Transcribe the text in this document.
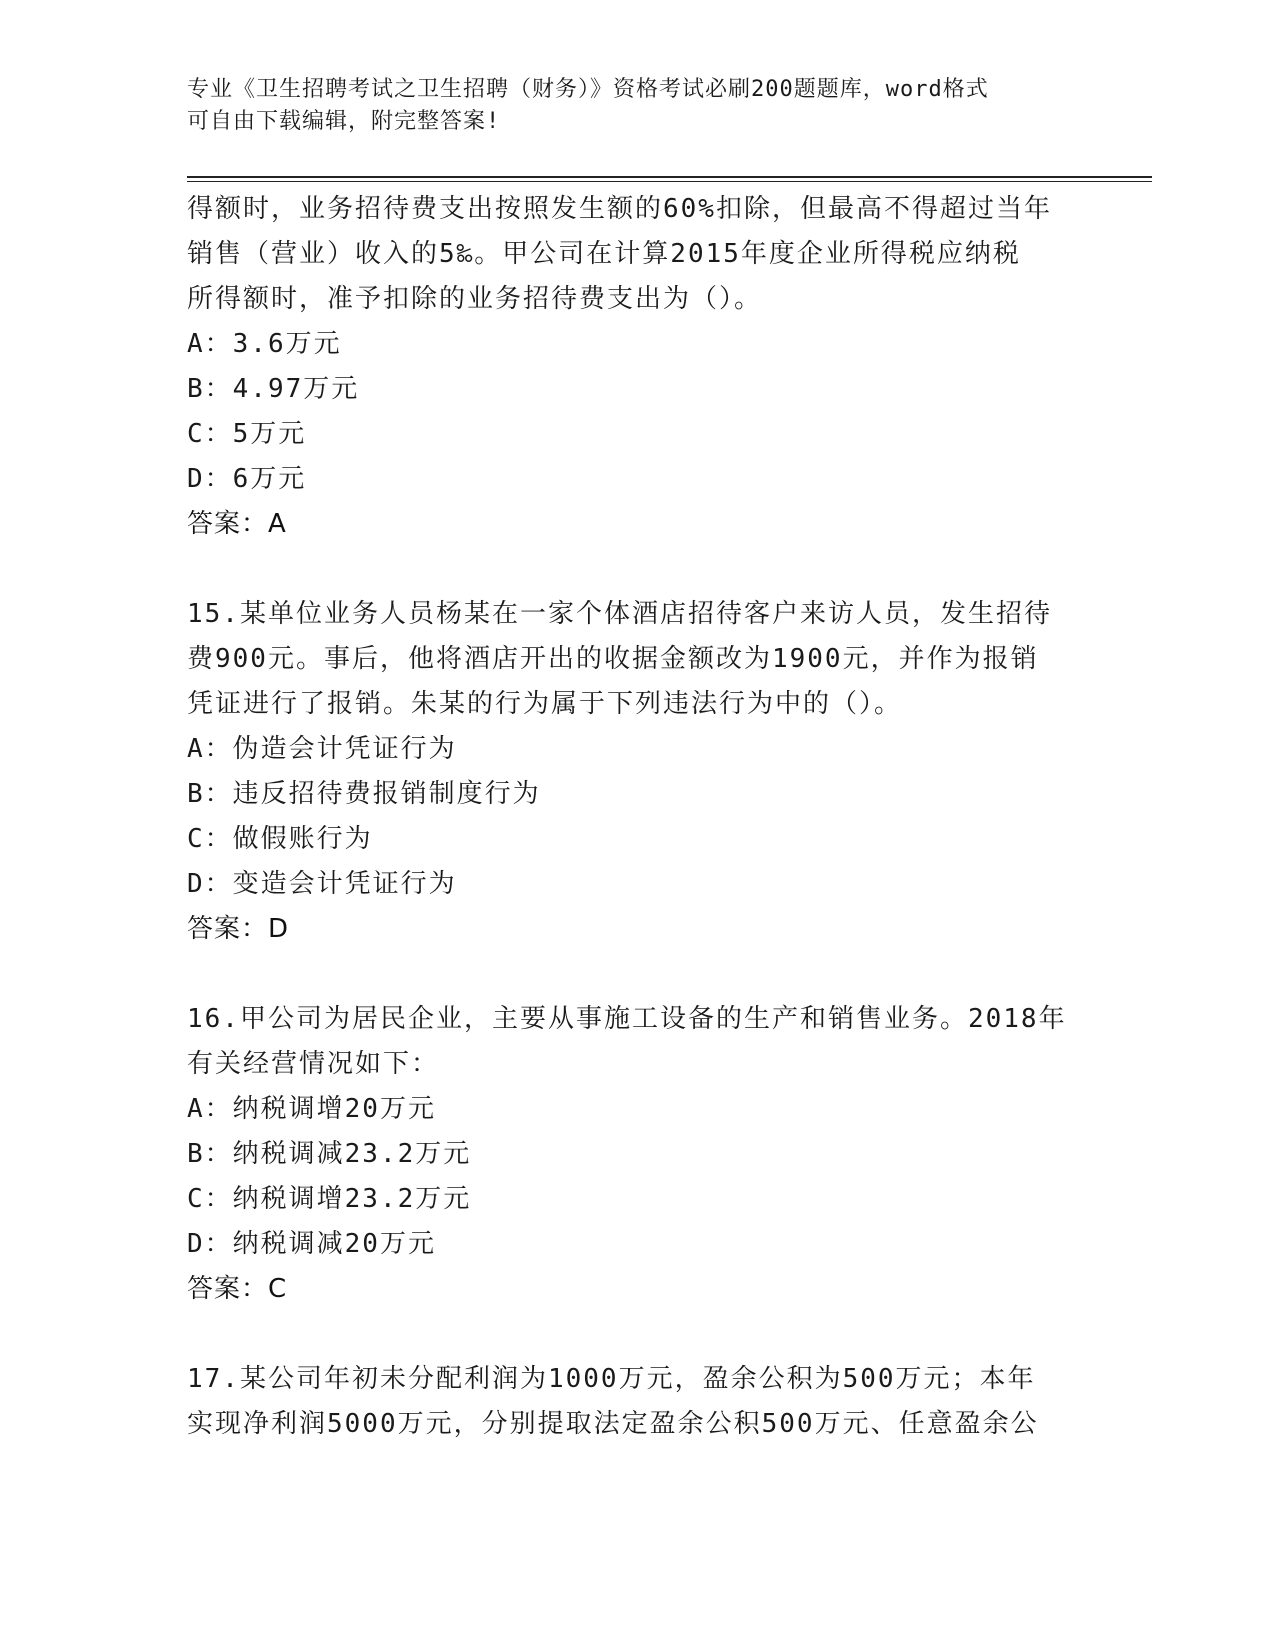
专业《卫生招聘考试之卫生招聘（财务）》资格考试必刷200题题库，word格式
可自由下载编辑，附完整答案!
得额时，业务招待费支出按照发生额的60%扣除，但最高不得超过当年
销售（营业）收入的5‰。甲公司在计算2015年度企业所得税应纳税
所得额时，准予扣除的业务招待费支出为（）。
A：3.6万元
B：4.97万元
C：5万元
D：6万元
答案：A
15.某单位业务人员杨某在一家个体酒店招待客户来访人员，发生招待
费900元。事后，他将酒店开出的收据金额改为1900元，并作为报销
凭证进行了报销。朱某的行为属于下列违法行为中的（）。
A：伪造会计凭证行为
B：违反招待费报销制度行为
C：做假账行为
D：变造会计凭证行为
答案：D
16.甲公司为居民企业，主要从事施工设备的生产和销售业务。2018年
有关经营情况如下：
A：纳税调增20万元
B：纳税调减23.2万元
C：纳税调增23.2万元
D：纳税调减20万元
答案：C
17.某公司年初未分配利润为1000万元，盈余公积为500万元；本年
实现净利润5000万元，分别提取法定盈余公积500万元、任意盈余公
